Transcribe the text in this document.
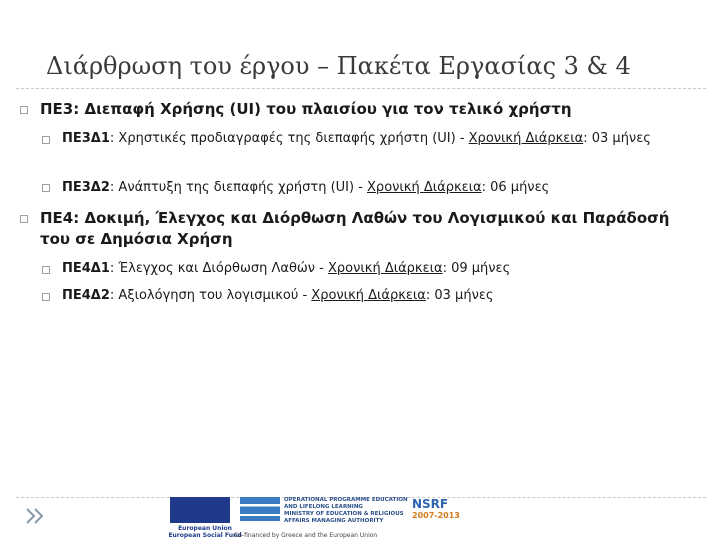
Διάρθρωση του έργου – Πακέτα Εργασίας 3 & 4
ΠΕ3: Διεπαφή Χρήσης (UI) του πλαισίου για τον τελικό χρήστη
ΠΕ3Δ1: Χρηστικές προδιαγραφές της διεπαφής χρήστη (UI) - Χρονική Διάρκεια: 03 μήνες
ΠΕ3Δ2: Ανάπτυξη της διεπαφής χρήστη (UI) - Χρονική Διάρκεια: 06 μήνες
ΠΕ4: Δοκιμή, Έλεγχος και Διόρθωση Λαθών του Λογισμικού και Παράδοσή του σε Δημόσια Χρήση
ΠΕ4Δ1: Έλεγχος και Διόρθωση Λαθών - Χρονική Διάρκεια: 09 μήνες
ΠΕ4Δ2: Αξιολόγηση του λογισμικού - Χρονική Διάρκεια: 03 μήνες
European Union
European Social Fund
OPERATIONAL PROGRAMME EDUCATION AND LIFELONG LEARNING
MINISTRY OF EDUCATION & RELIGIOUS AFFAIRS MANAGING AUTHORITY
NSRF
2007-2013
Co-financed by Greece and the European Union
